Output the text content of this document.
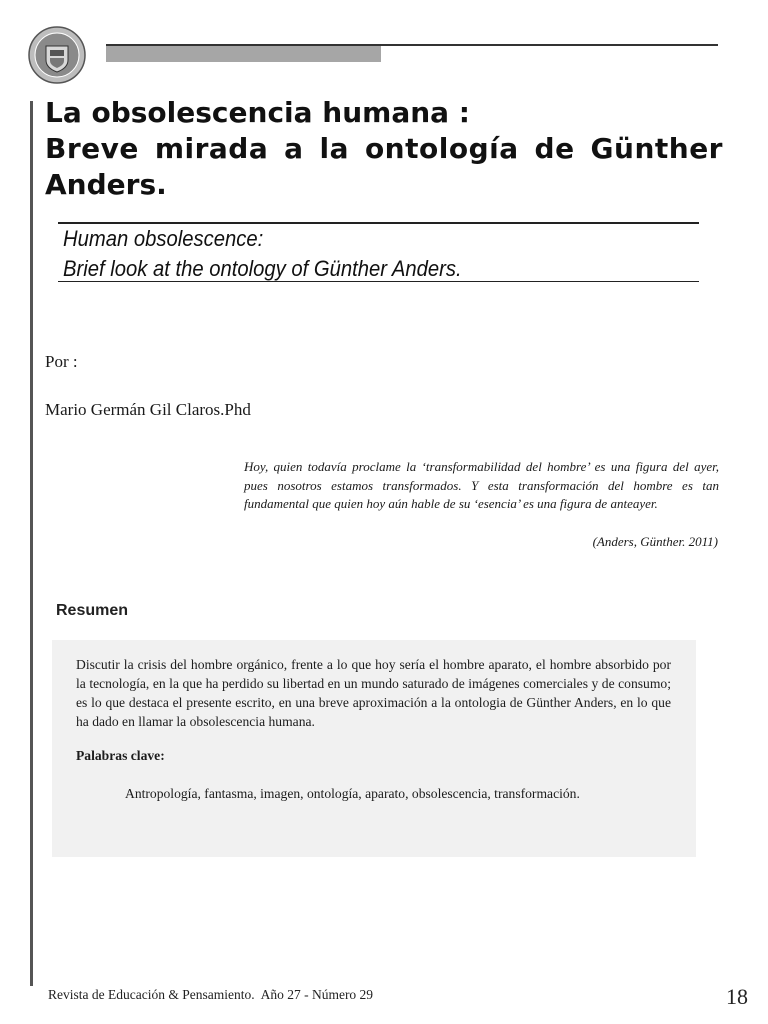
La obsolescencia humana :
Breve mirada a la ontología de Günther
Anders.
Human obsolescence:
Brief look at the ontology of Günther Anders.
Por :
Mario Germán Gil Claros.Phd

Hoy, quien todavía proclame la ‘transformabilidad del hombre’ es una figura del ayer, pues nosotros estamos transformados. Y esta transformación del hombre es tan fundamental que quien hoy aún hable de su ‘esencia’ es una figura de anteayer.

(Anders, Günther. 2011)
Resumen

Discutir la crisis del hombre orgánico, frente a lo que hoy sería el hombre aparato, el hombre absorbido por la tecnología, en la que ha perdido su libertad en un mundo saturado de imágenes comerciales y de consumo; es lo que destaca el presente escrito, en una breve aproximación a la ontologia de Günther Anders, en lo que ha dado en llamar la obsolescencia humana.

Palabras clave:
Antropología, fantasma, imagen, ontología, aparato, obsolescencia, transformación.
Revista de Educación & Pensamiento.  Año 27 - Número 29	18
